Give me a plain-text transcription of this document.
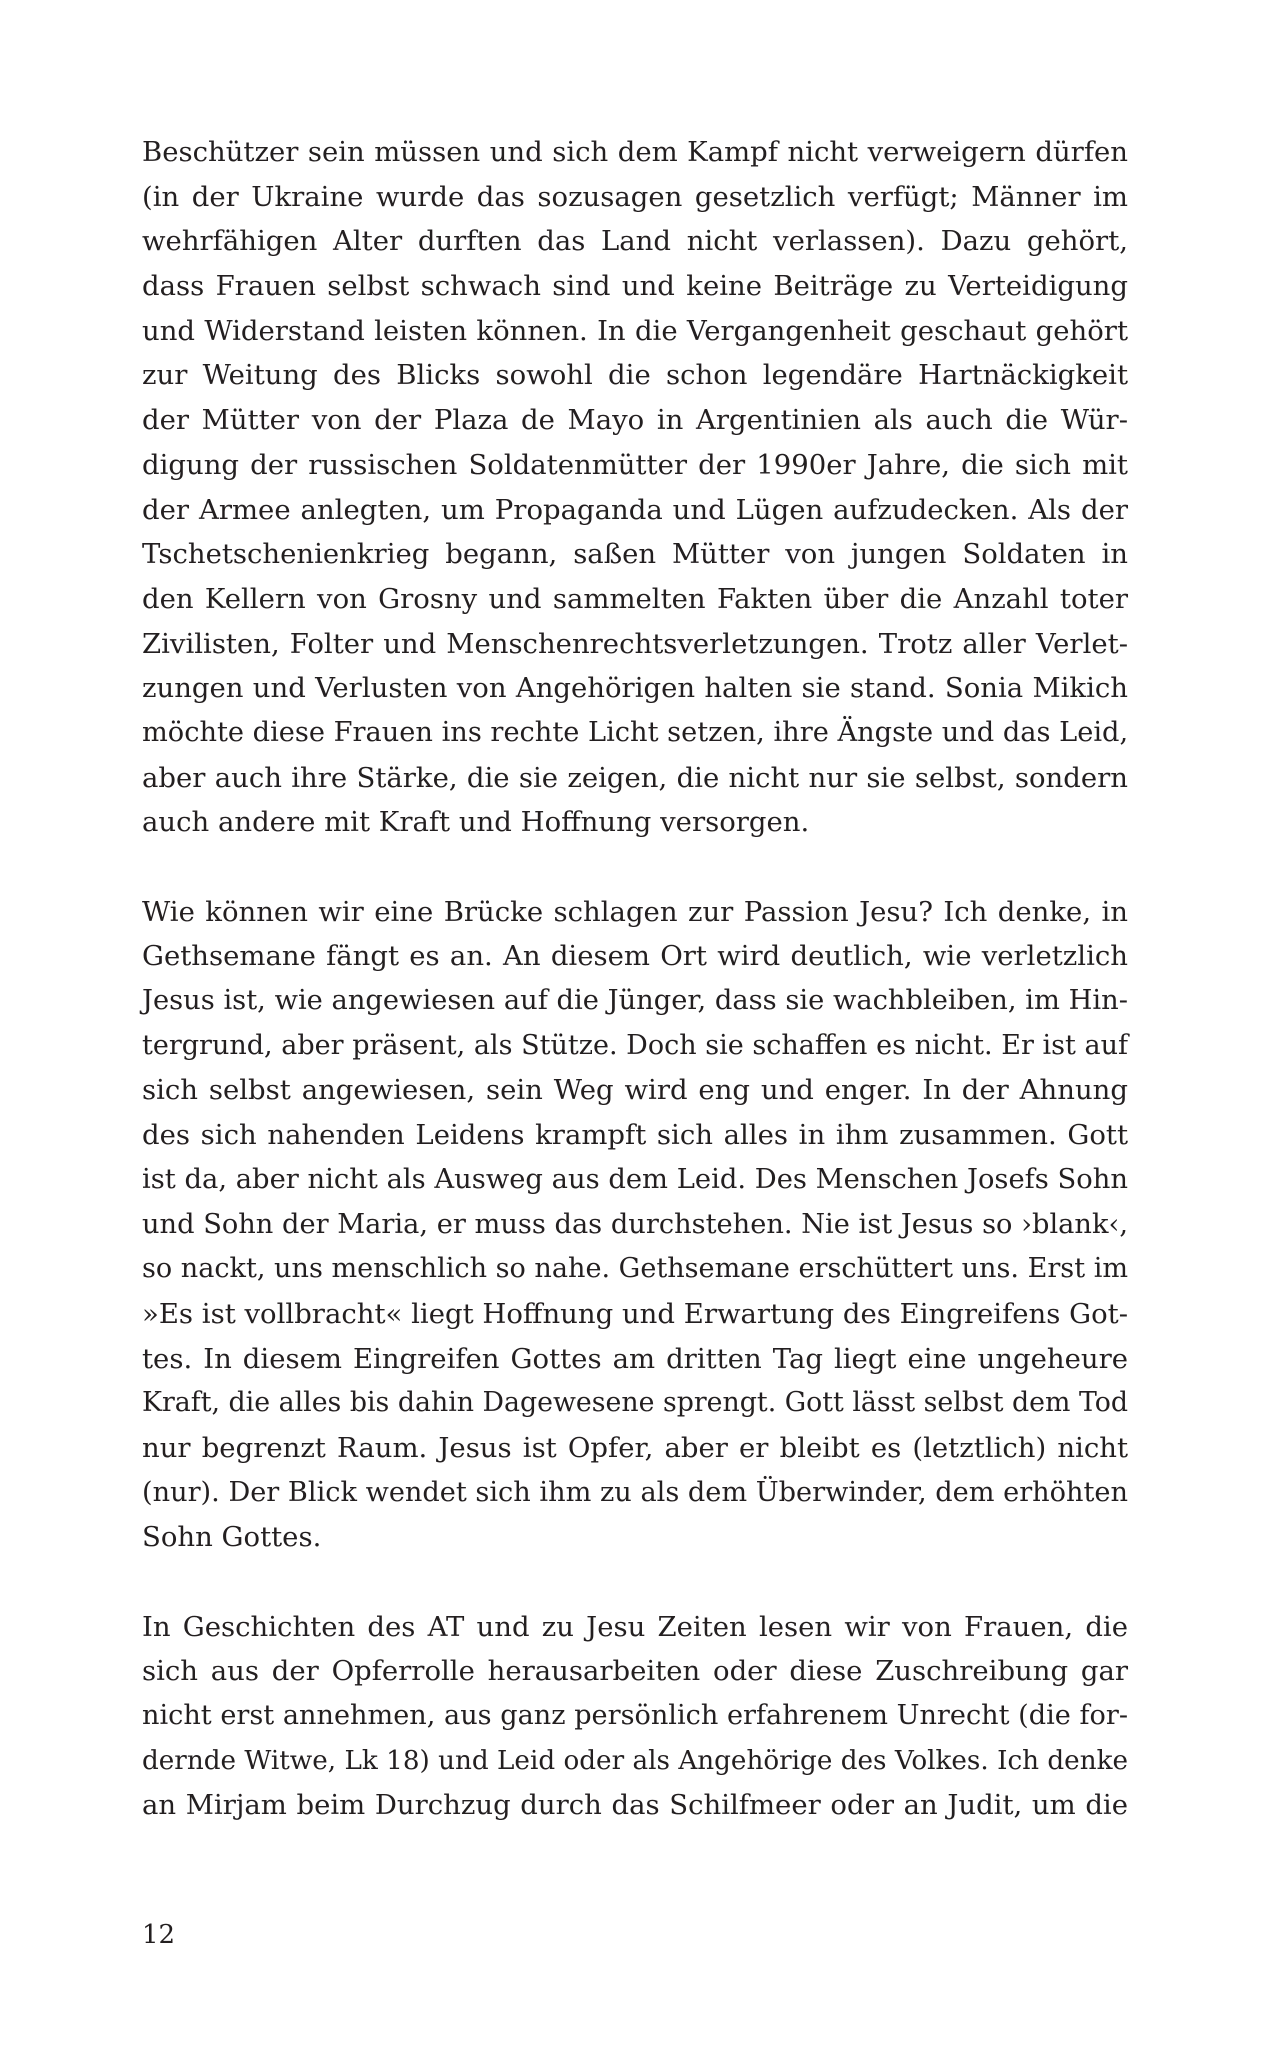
Beschützer sein müssen und sich dem Kampf nicht verweigern dürfen
(in der Ukraine wurde das sozusagen gesetzlich verfügt; Männer im
wehrfähigen Alter durften das Land nicht verlassen). Dazu gehört,
dass Frauen selbst schwach sind und keine Beiträge zu Verteidigung
und Widerstand leisten können. In die Vergangenheit geschaut gehört
zur Weitung des Blicks sowohl die schon legendäre Hartnäckigkeit
der Mütter von der Plaza de Mayo in Argentinien als auch die Wür-
digung der russischen Soldatenmütter der 1990er Jahre, die sich mit
der Armee anlegten, um Propaganda und Lügen aufzudecken. Als der
Tschetschenienkrieg begann, saßen Mütter von jungen Soldaten in
den Kellern von Grosny und sammelten Fakten über die Anzahl toter
Zivilisten, Folter und Menschenrechtsverletzungen. Trotz aller Verlet-
zungen und Verlusten von Angehörigen halten sie stand. Sonia Mikich
möchte diese Frauen ins rechte Licht setzen, ihre Ängste und das Leid,
aber auch ihre Stärke, die sie zeigen, die nicht nur sie selbst, sondern
auch andere mit Kraft und Hoffnung versorgen.
Wie können wir eine Brücke schlagen zur Passion Jesu? Ich denke, in
Gethsemane fängt es an. An diesem Ort wird deutlich, wie verletzlich
Jesus ist, wie angewiesen auf die Jünger, dass sie wachbleiben, im Hin-
tergrund, aber präsent, als Stütze. Doch sie schaffen es nicht. Er ist auf
sich selbst angewiesen, sein Weg wird eng und enger. In der Ahnung
des sich nahenden Leidens krampft sich alles in ihm zusammen. Gott
ist da, aber nicht als Ausweg aus dem Leid. Des Menschen Josefs Sohn
und Sohn der Maria, er muss das durchstehen. Nie ist Jesus so ›blank‹,
so nackt, uns menschlich so nahe. Gethsemane erschüttert uns. Erst im
»Es ist vollbracht« liegt Hoffnung und Erwartung des Eingreifens Got-
tes. In diesem Eingreifen Gottes am dritten Tag liegt eine ungeheure
Kraft, die alles bis dahin Dagewesene sprengt. Gott lässt selbst dem Tod
nur begrenzt Raum. Jesus ist Opfer, aber er bleibt es (letztlich) nicht
(nur). Der Blick wendet sich ihm zu als dem Überwinder, dem erhöhten
Sohn Gottes.
In Geschichten des AT und zu Jesu Zeiten lesen wir von Frauen, die
sich aus der Opferrolle herausarbeiten oder diese Zuschreibung gar
nicht erst annehmen, aus ganz persönlich erfahrenem Unrecht (die for-
dernde Witwe, Lk 18) und Leid oder als Angehörige des Volkes. Ich denke
an Mirjam beim Durchzug durch das Schilfmeer oder an Judit, um die
12
